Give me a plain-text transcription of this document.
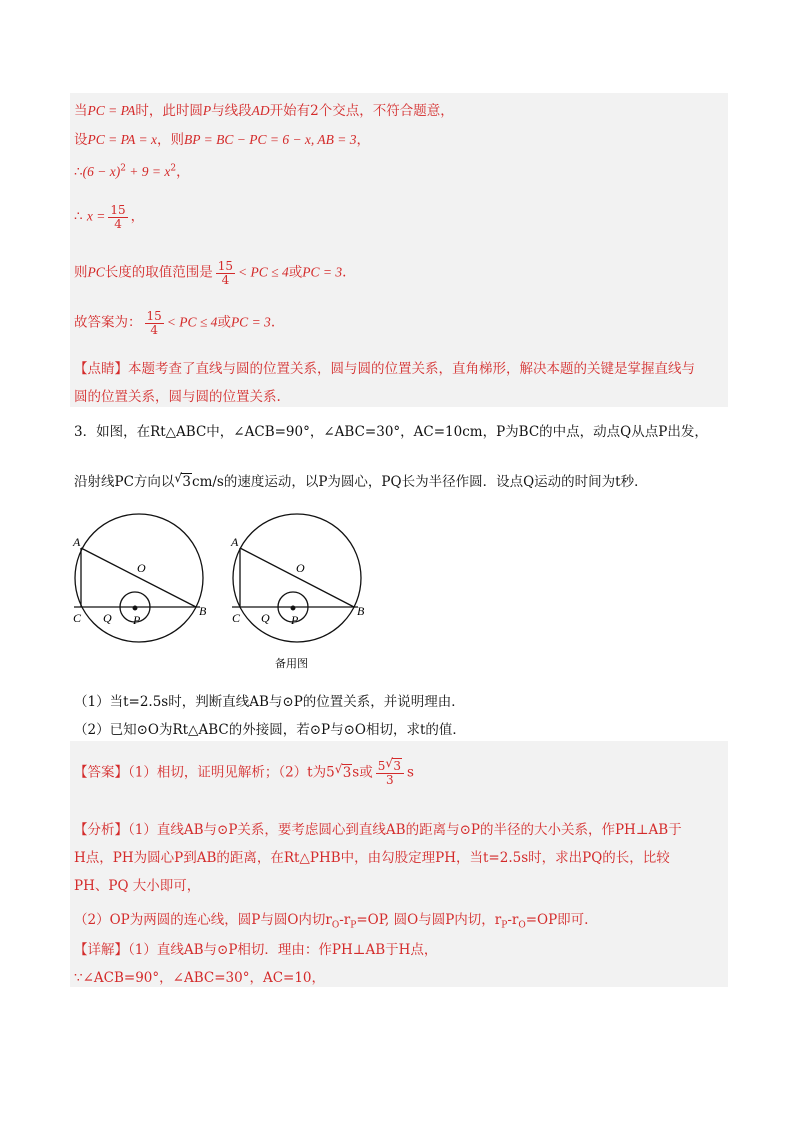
当PC = PA时，此时圆P与线段AD开始有2个交点，不符合题意，
设PC = PA = x，则BP = BC − PC = 6 − x, AB = 3，
∴(6 − $x)^2 + 9 = x^2$，
∴ $x = \frac{15}{4}$ ，
则PC长度的取值范围是 $\frac{15}{4}$ < PC ≤ 4或PC = 3.
故答案为： $\frac{15}{4}$ < PC ≤ 4或PC = 3.
【点睛】本题考查了直线与圆的位置关系，圆与圆的位置关系，直角梯形，解决本题的关键是掌握直线与
圆的位置关系，圆与圆的位置关系.
3．如图，在Rt△ABC中，∠ACB=90°，∠ABC=30°，AC=10cm，P为BC的中点，动点Q从点P出发，
沿射线PC方向以 √ 3cm/s的速度运动，以P为圆心，PQ长为半径作圆．设点Q运动的时间为t秒．
A
O
C Q P
B
A
O
C Q P
B
备用图
（1）当t=2.5s时，判断直线AB与⊙P的位置关系，并说明理由．
（2）已知⊙O为Rt△ABC的外接圆，若⊙P与⊙O相切，求t的值．
【答案】（1）相切，证明见解析；（2）t为5 √ 3s或 $\frac{5 √ 3}{3}$ s
【分析】（1）直线AB与⊙P关系，要考虑圆心到直线AB的距离与⊙P的半径的大小关系，作PH⊥AB于
H点，PH为圆心P到AB的距离，在Rt△PHB中，由勾股定理PH，当t=2.5s时，求出PQ的长，比较
PH、PQ 大小即可，
（2）OP为两圆的连心线，圆P与圆O内切$r_O-r_P=OP$, 圆O与圆P内切，$r_P-r_O=OP$即可.
【详解】（1）直线AB与⊙P相切．理由：作PH⊥AB于H点，
∵∠ACB=90°，∠ABC=30°，AC=10，
